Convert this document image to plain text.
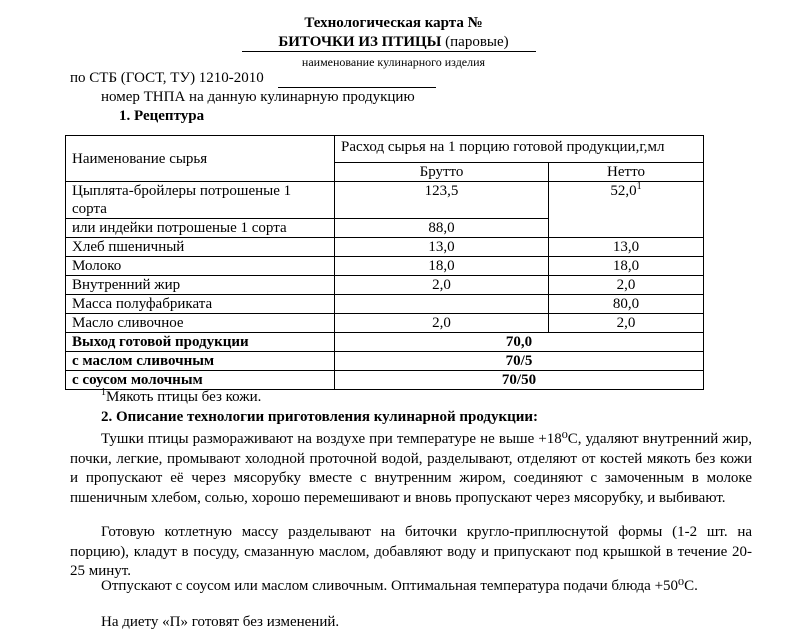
Технологическая карта №
БИТОЧКИ ИЗ ПТИЦЫ (паровые)
наименование кулинарного изделия
по СТБ (ГОСТ, ТУ) 1210-2010
номер ТНПА на данную кулинарную продукцию
1. Рецептура
Наименование сырья	Расход сырья на 1 порцию готовой продукции,г,мл	
	Брутто	Нетто
Цыплята-бройлеры потрошеные 1 сорта	123,5	52,0$^1$
или индейки потрошеные 1 сорта	88,0	
Хлеб пшеничный	13,0	13,0
Молоко	18,0	18,0
Внутренний жир	2,0	2,0
Масса полуфабриката		80,0
Масло сливочное	2,0	2,0
Выход готовой продукции	70,0	
с маслом сливочным	70/5	
с соусом молочным	70/50	
$^1$Мякоть птицы без кожи.
2. Описание технологии приготовления кулинарной продукции:
Тушки птицы размораживают на воздухе при температуре не выше +18⁰С, удаляют внутренний жир, почки, легкие, промывают холодной проточной водой, разделывают, отделяют от костей мякоть без кожи и пропускают её через мясорубку вместе с внутренним жиром, соединяют с замоченным в молоке пшеничным хлебом, солью, хорошо перемешивают и вновь пропускают через мясорубку, и выбивают.
Готовую котлетную массу разделывают на биточки кругло-приплюснутой формы (1-2 шт. на порцию), кладут в посуду, смазанную маслом, добавляют воду и припускают под крышкой в течение 20-25 минут.
Отпускают с соусом или маслом сливочным. Оптимальная температура подачи блюда +50⁰С.
На диету «П» готовят без изменений.
